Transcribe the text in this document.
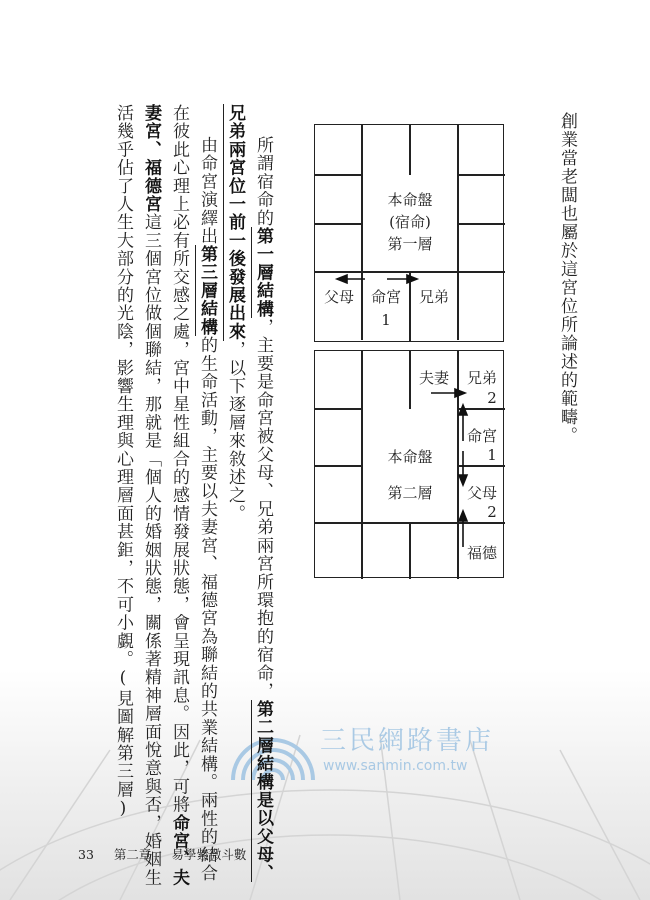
三民網路書店
www.sanmin.com.tw
創業當老闆也屬於這宮位所論述的範疇。
本命盤
(宿命)
第一層
父母	命宮
1
兄弟
本命盤
第二層
夫妻	兄弟
2
命宮
1
父母
2
福德
所謂宿命的第一層結構，主要是命宮被父母、兄弟兩宮所環抱的宿命，第二層結構是以父母、
兄弟兩宮位一前一後發展出來，以下逐層來敘述之。
由命宮演繹出第三層結構的生命活動，主要以夫妻宮、福德宮為聯結的共業結構。兩性的結合
在彼此心理上必有所交感之處，宮中星性組合的感情發展狀態，會呈現訊息。因此，可將命宮、夫
妻宮、福德宮這三個宮位做個聯結，那就是「個人的婚姻狀態，關係著精神層面悅意與否，婚姻生
活幾乎佔了人生大部分的光陰，影響生理與心理層面甚鉅，不可小覷。(見圖解第三層)
33 第二章 易學紫微斗數
